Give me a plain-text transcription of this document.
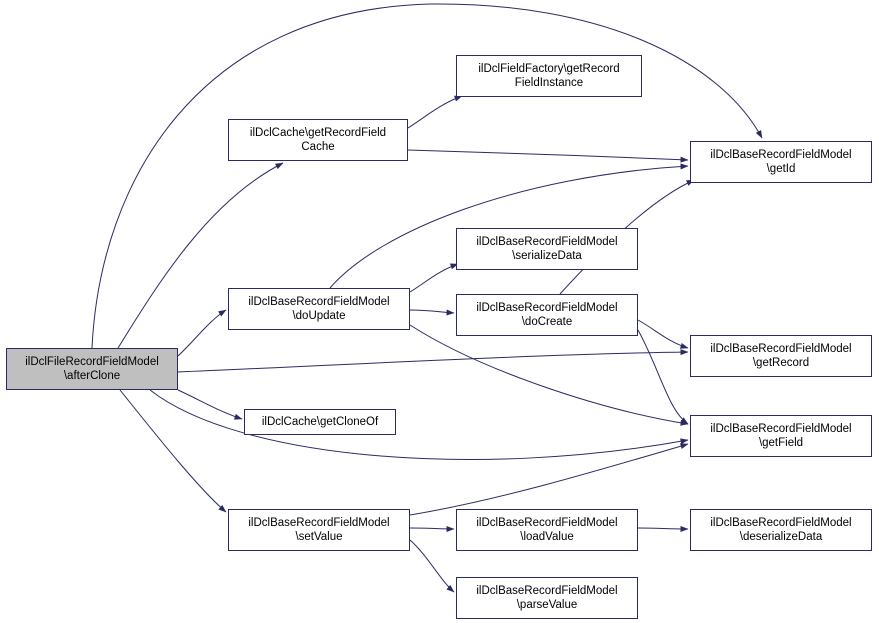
ilDclFileRecordFieldModel
\afterClone
ilDclCache\getRecordField
Cache
ilDclFieldFactory\getRecord
FieldInstance
ilDclBaseRecordFieldModel
\getId
ilDclBaseRecordFieldModel
\serializeData
ilDclBaseRecordFieldModel
\doUpdate
ilDclBaseRecordFieldModel
\doCreate
ilDclBaseRecordFieldModel
\getRecord
ilDclCache\getCloneOf
ilDclBaseRecordFieldModel
\getField
ilDclBaseRecordFieldModel
\setValue
ilDclBaseRecordFieldModel
\loadValue
ilDclBaseRecordFieldModel
\deserializeData
ilDclBaseRecordFieldModel
\parseValue
